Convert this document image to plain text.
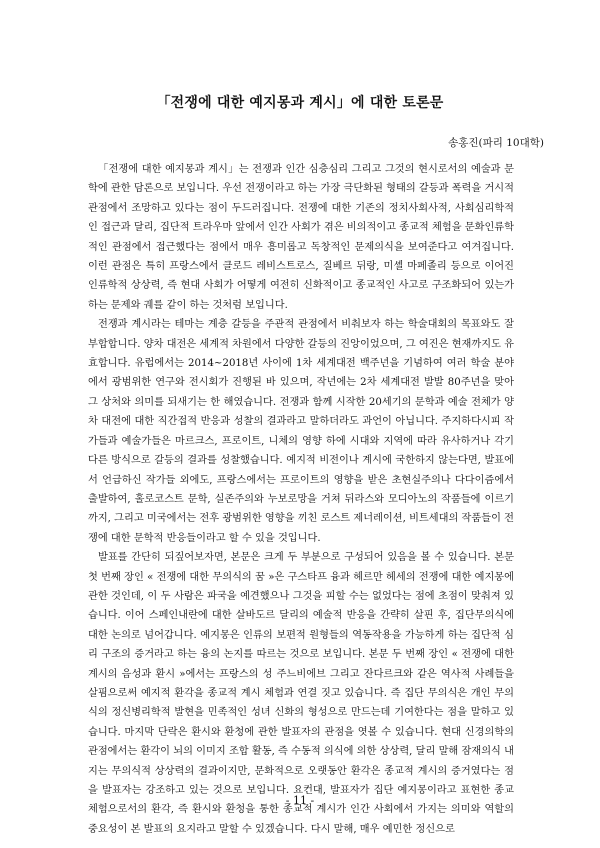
「전쟁에 대한 예지몽과 계시」에 대한 토론문
송홍진(파리 10대학)

「전쟁에 대한 예지몽과 계시」는 전쟁과 인간 심층심리 그리고 그것의 현시로서의 예술과 문학에 관한 담론으로 보입니다. 우선 전쟁이라고 하는 가장 극단화된 형태의 갈등과 폭력을 거시적 관점에서 조망하고 있다는 점이 두드러집니다. 전쟁에 대한 기존의 정치사회사적, 사회심리학적인 접근과 달리, 집단적 트라우마 앞에서 인간 사회가 겪은 비의적이고 종교적 체험을 문화인류학적인 관점에서 접근했다는 점에서 매우 흥미롭고 독창적인 문제의식을 보여준다고 여겨집니다. 이런 관점은 특히 프랑스에서 클로드 레비스트로스, 질베르 뒤랑, 미셸 마페졸리 등으로 이어진 인류학적 상상력, 즉 현대 사회가 어떻게 여전히 신화적이고 종교적인 사고로 구조화되어 있는가 하는 문제와 궤를 같이 하는 것처럼 보입니다.

전쟁과 계시라는 테마는 계층 갈등을 주관적 관점에서 비춰보자 하는 학술대회의 목표와도 잘 부합합니다. 양차 대전은 세계적 차원에서 다양한 갈등의 진앙이었으며, 그 여진은 현재까지도 유효합니다. 유럽에서는 2014~2018년 사이에 1차 세계대전 백주년을 기념하여 여러 학술 분야에서 광범위한 연구와 전시회가 진행된 바 있으며, 작년에는 2차 세계대전 발발 80주년을 맞아 그 상처와 의미를 되새기는 한 해였습니다. 전쟁과 함께 시작한 20세기의 문학과 예술 전체가 양차 대전에 대한 직간접적 반응과 성찰의 결과라고 말하더라도 과언이 아닙니다. 주지하다시피 작가들과 예술가들은 마르크스, 프로이트, 니체의 영향 하에 시대와 지역에 따라 유사하거나 각기 다른 방식으로 갈등의 결과를 성찰했습니다. 예지적 비전이나 계시에 국한하지 않는다면, 발표에서 언급하신 작가들 외에도, 프랑스에서는 프로이트의 영향을 받은 초현실주의나 다다이즘에서 출발하여, 홀로코스트 문학, 실존주의와 누보로망을 거쳐 뒤라스와 모디아노의 작품들에 이르기까지, 그리고 미국에서는 전후 광범위한 영향을 끼친 로스트 제너레이션, 비트세대의 작품들이 전쟁에 대한 문학적 반응들이라고 할 수 있을 것입니다.

발표를 간단히 되짚어보자면, 본문은 크게 두 부분으로 구성되어 있음을 볼 수 있습니다. 본문 첫 번째 장인 « 전쟁에 대한 무의식의 꿈 »은 구스타프 융과 헤르만 헤세의 전쟁에 대한 예지몽에 관한 것인데, 이 두 사람은 파국을 예견했으나 그것을 피할 수는 없었다는 점에 초점이 맞춰져 있습니다. 이어 스페인내란에 대한 살바도르 달리의 예술적 반응을 간략히 살핀 후, 집단무의식에 대한 논의로 넘어갑니다. 예지몽은 인류의 보편적 원형들의 역동작용을 가능하게 하는 집단적 심리 구조의 증거라고 하는 융의 논지를 따르는 것으로 보입니다. 본문 두 번째 장인 « 전쟁에 대한 계시의 음성과 환시 »에서는 프랑스의 성 주느비에브 그리고 잔다르크와 같은 역사적 사례들을 살핌으로써 예지적 환각을 종교적 계시 체험과 연결 짓고 있습니다. 즉 집단 무의식은 개인 무의식의 정신병리학적 발현을 민족적인 성녀 신화의 형성으로 만드는데 기여한다는 점을 말하고 있습니다. 마지막 단락은 환시와 환청에 관한 발표자의 관점을 엿볼 수 있습니다. 현대 신경의학의 관점에서는 환각이 뇌의 이미지 조합 활동, 즉 수동적 의식에 의한 상상력, 달리 말해 잠재의식 내지는 무의식적 상상력의 결과이지만, 문화적으로 오랫동안 환각은 종교적 계시의 증거였다는 점을 발표자는 강조하고 있는 것으로 보입니다. 요컨대, 발표자가 집단 예지몽이라고 표현한 종교 체험으로서의 환각, 즉 환시와 환청을 통한 종교적 계시가 인간 사회에서 가지는 의미와 역할의 중요성이 본 발표의 요지라고 말할 수 있겠습니다. 다시 말해, 매우 예민한 정신으로

- 11 -
